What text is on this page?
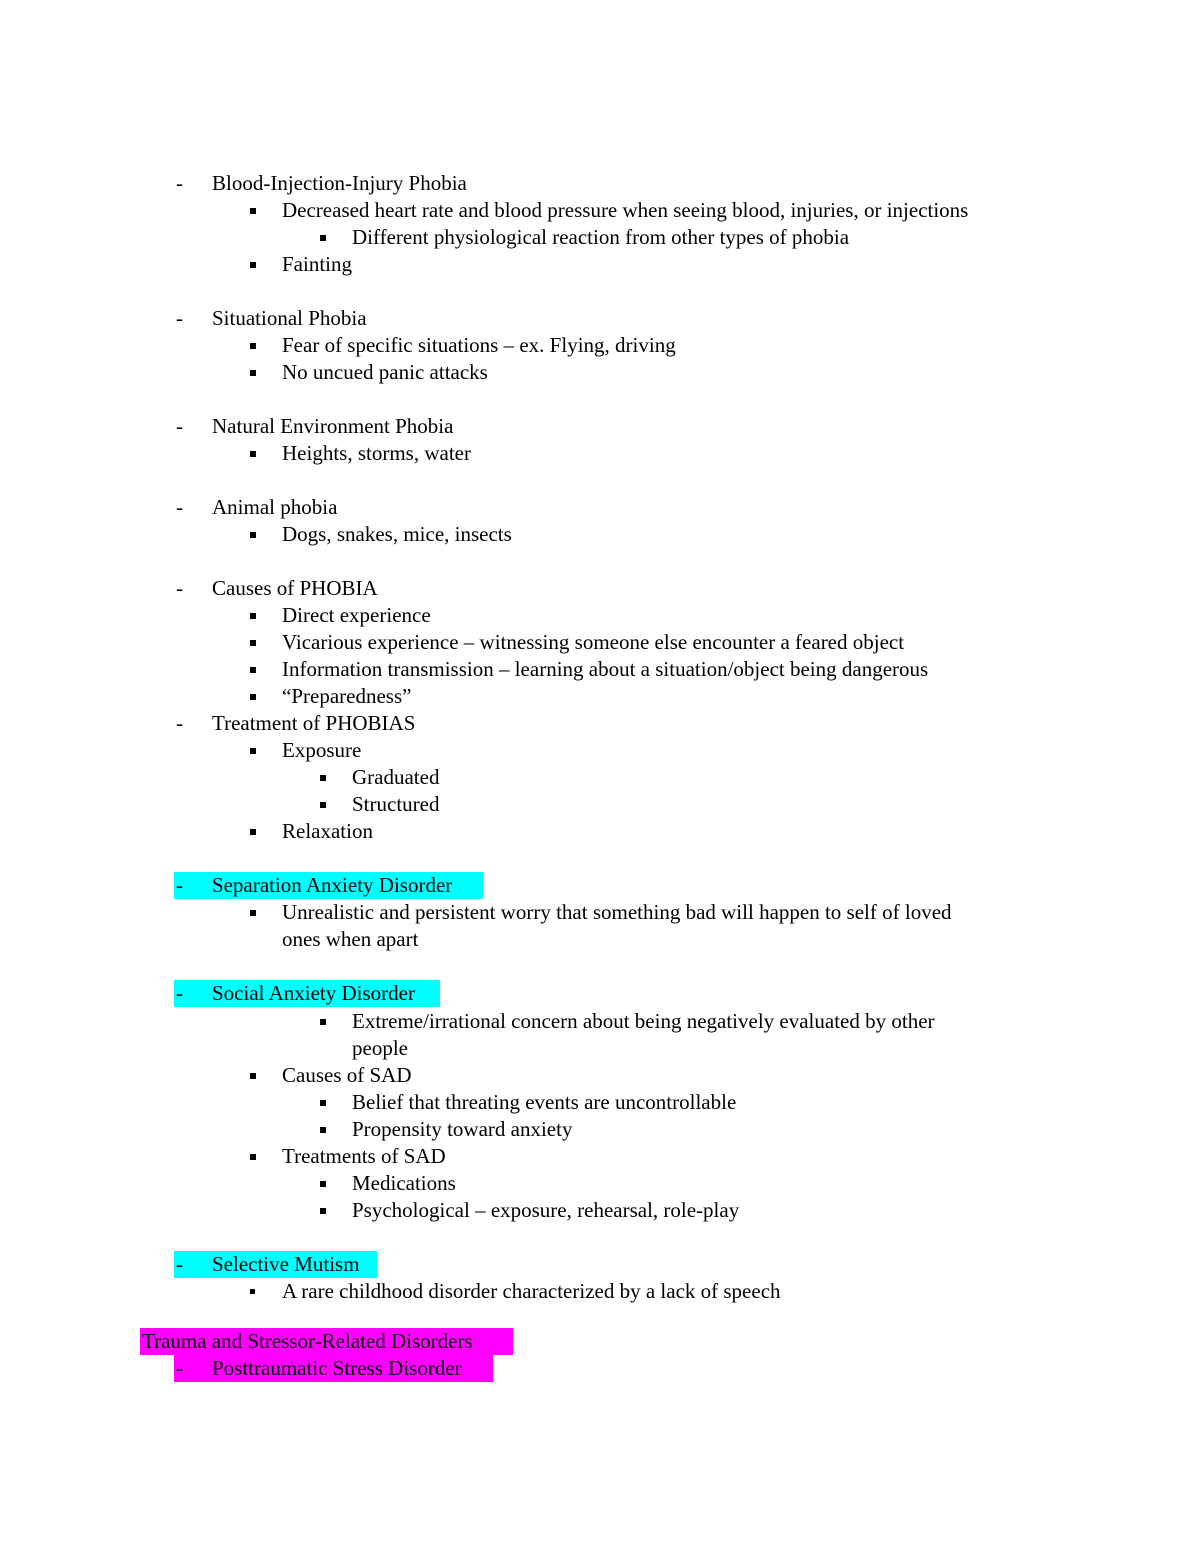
- Blood-Injection-Injury Phobia
Decreased heart rate and blood pressure when seeing blood, injuries, or injections
Different physiological reaction from other types of phobia
Fainting
- Situational Phobia
Fear of specific situations – ex. Flying, driving
No uncued panic attacks
- Natural Environment Phobia
Heights, storms, water
- Animal phobia
Dogs, snakes, mice, insects
- Causes of PHOBIA
Direct experience
Vicarious experience – witnessing someone else encounter a feared object
Information transmission – learning about a situation/object being dangerous
“Preparedness”
- Treatment of PHOBIAS
Exposure
Graduated
Structured
Relaxation
- Separation Anxiety Disorder
Unrealistic and persistent worry that something bad will happen to self of loved
ones when apart
- Social Anxiety Disorder
Extreme/irrational concern about being negatively evaluated by other
people
Causes of SAD
Belief that threating events are uncontrollable
Propensity toward anxiety
Treatments of SAD
Medications
Psychological – exposure, rehearsal, role-play
- Selective Mutism
A rare childhood disorder characterized by a lack of speech
Trauma and Stressor-Related Disorders
- Posttraumatic Stress Disorder
